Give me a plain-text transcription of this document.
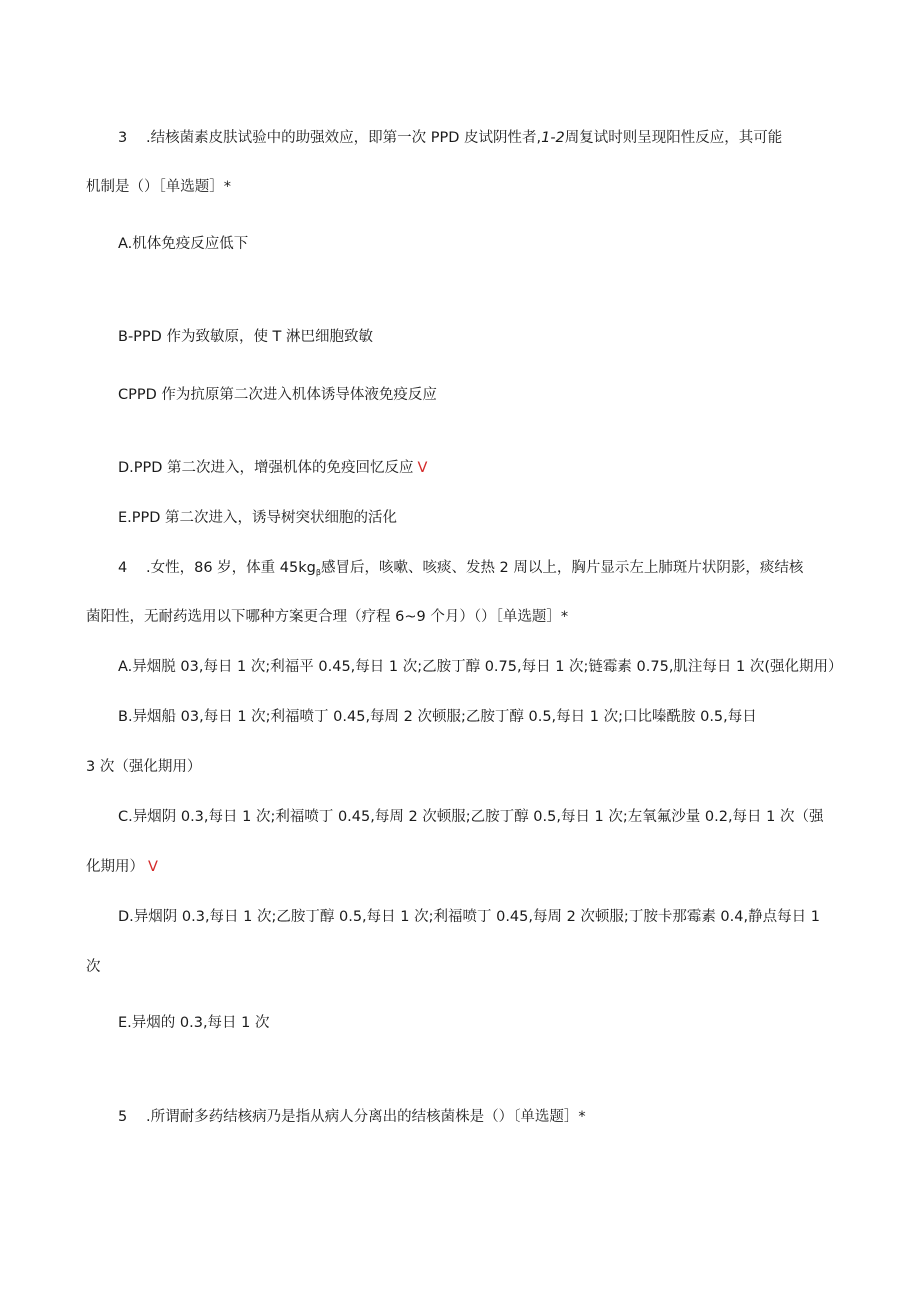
3 .结核菌素皮肤试验中的助强效应，即第一次 PPD 皮试阴性者,1-2周复试时则呈现阳性反应，其可能
机制是（）［单选题］*
A.机体免疫反应低下
B-PPD 作为致敏原，使 T 淋巴细胞致敏
CPPD 作为抗原第二次进入机体诱导体液免疫反应
D.PPD 第二次进入，增强机体的免疫回忆反应 V
E.PPD 第二次进入，诱导树突状细胞的活化
4 .女性，86 岁，体重 $45kg_\beta$感冒后，咳嗽、咳痰、发热 2 周以上，胸片显示左上肺斑片状阴影，痰结核
菌阳性，无耐药选用以下哪种方案更合理（疗程 6~9 个月）（）［单选题］*
A.异烟脱 03,每日 1 次;利福平 0.45,每日 1 次;乙胺丁醇 0.75,每日 1 次;链霉素 0.75,肌注每日 1 次(强化期用）
B.异烟船 03,每日 1 次;利福喷丁 0.45,每周 2 次顿服;乙胺丁醇 0.5,每日 1 次;口比嗪酰胺 0.5,每日
3 次（强化期用）
C.异烟阴 0.3,每日 1 次;利福喷丁 0.45,每周 2 次顿服;乙胺丁醇 0.5,每日 1 次;左氧氟沙量 0.2,每日 1 次（强
化期用） V
D.异烟阴 0.3,每日 1 次;乙胺丁醇 0.5,每日 1 次;利福喷丁 0.45,每周 2 次顿服;丁胺卡那霉素 0.4,静点每日 1
次
E.异烟的 0.3,每日 1 次
5 .所谓耐多药结核病乃是指从病人分离出的结核菌株是（）〔单选题］*
